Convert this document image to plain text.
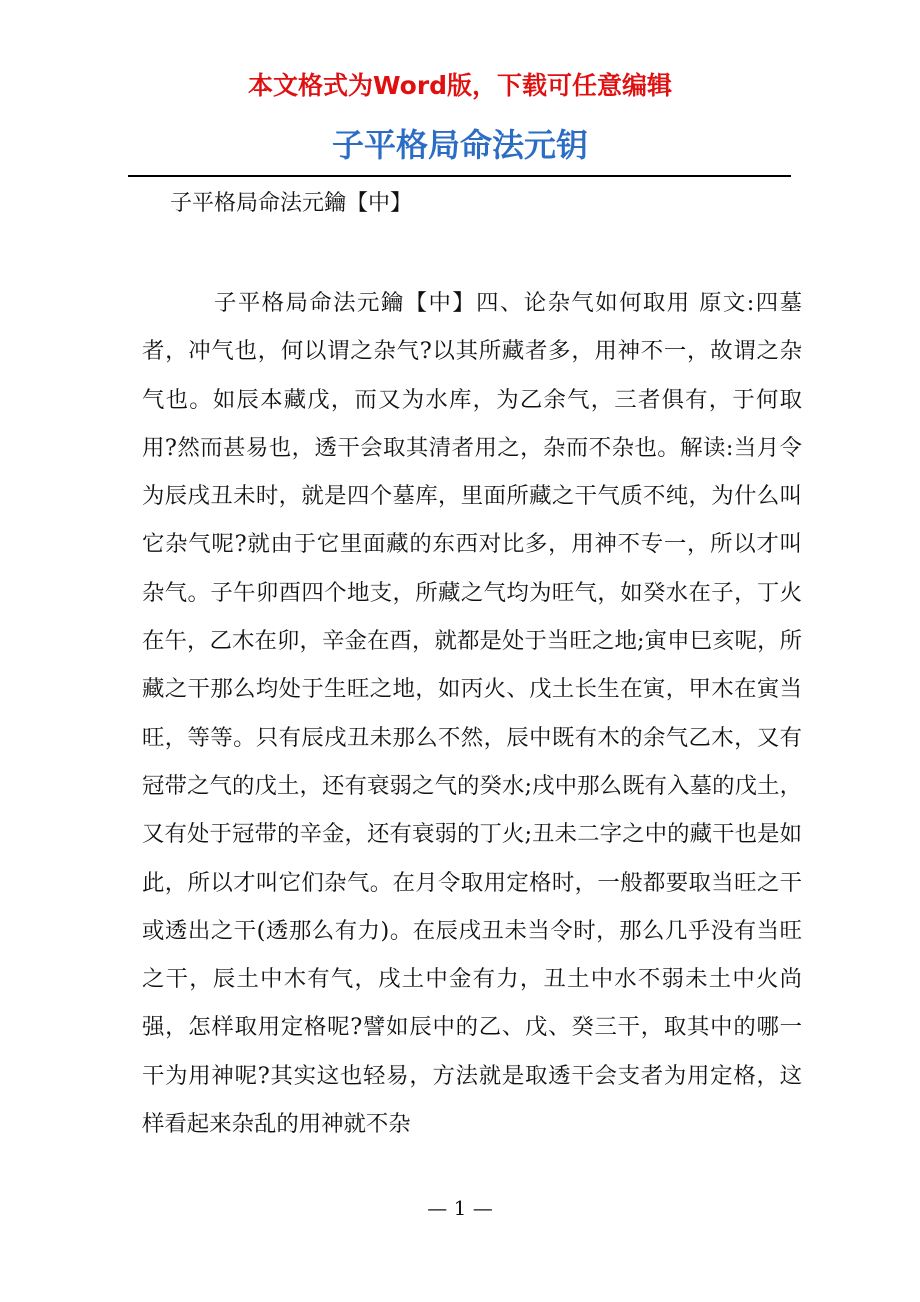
本文格式为Word版，下载可任意编辑

子平格局命法元钥

子平格局命法元鑰【中】

子平格局命法元鑰【中】四、论杂气如何取用 原文:四墓者，冲气也，何以谓之杂气?以其所藏者多，用神不一，故谓之杂气也。如辰本藏戊，而又为水库，为乙余气，三者俱有，于何取用?然而甚易也，透干会取其清者用之，杂而不杂也。解读:当月令为辰戌丑未时，就是四个墓库，里面所藏之干气质不纯，为什么叫它杂气呢?就由于它里面藏的东西对比多，用神不专一，所以才叫杂气。子午卯酉四个地支，所藏之气均为旺气，如癸水在子，丁火在午，乙木在卯，辛金在酉，就都是处于当旺之地;寅申巳亥呢，所藏之干那么均处于生旺之地，如丙火、戊土长生在寅，甲木在寅当旺，等等。只有辰戌丑未那么不然，辰中既有木的余气乙木，又有冠带之气的戊土，还有衰弱之气的癸水;戌中那么既有入墓的戊土，又有处于冠带的辛金，还有衰弱的丁火;丑未二字之中的藏干也是如此，所以才叫它们杂气。在月令取用定格时，一般都要取当旺之干或透出之干(透那么有力)。在辰戌丑未当令时，那么几乎没有当旺之干，辰土中木有气，戌土中金有力，丑土中水不弱未土中火尚强，怎样取用定格呢?譬如辰中的乙、戊、癸三干，取其中的哪一干为用神呢?其实这也轻易，方法就是取透干会支者为用定格，这样看起来杂乱的用神就不杂

— 1 —
